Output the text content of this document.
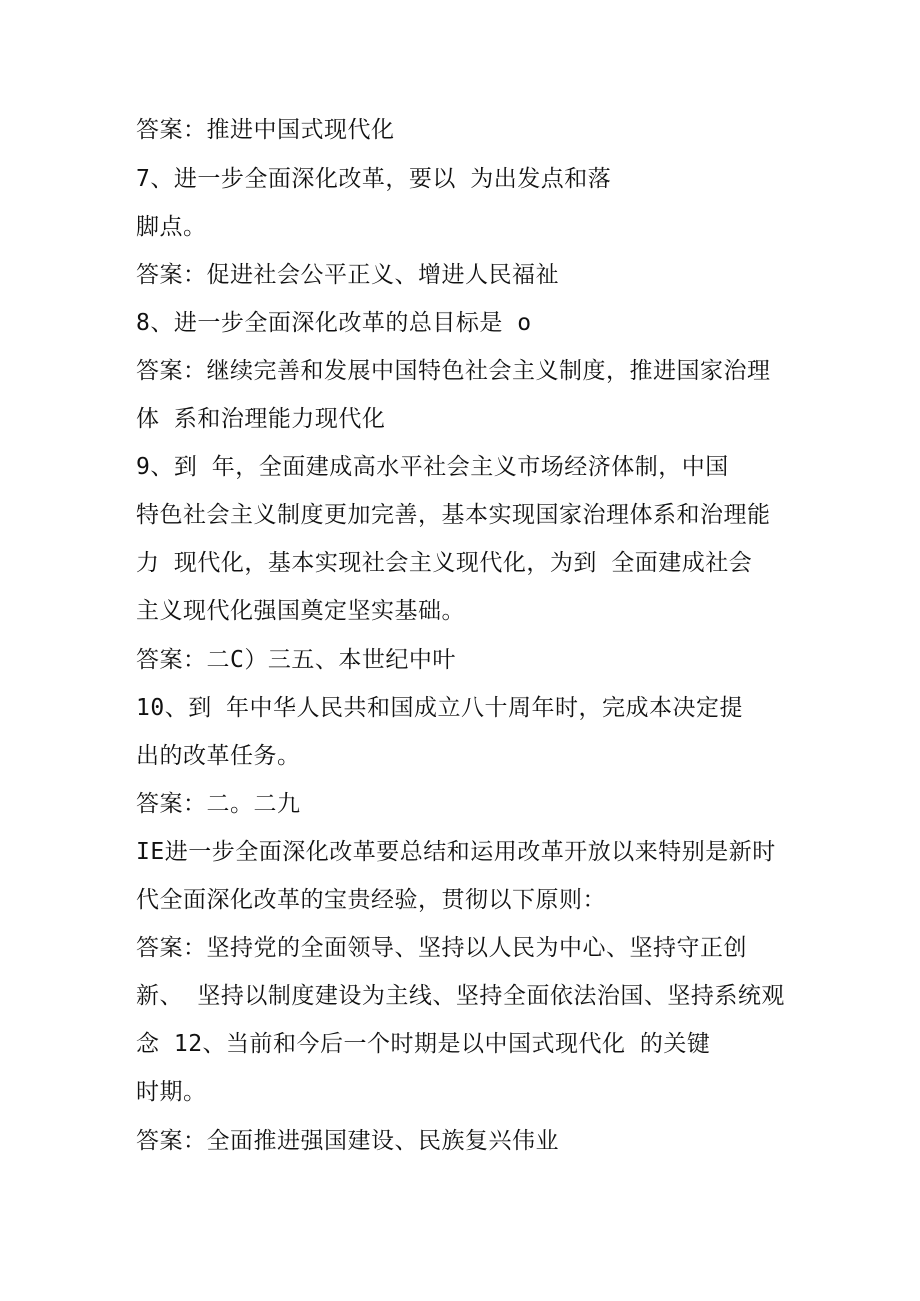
答案：推进中国式现代化
7、进一步全面深化改革，要以 为出发点和落
脚点。
答案：促进社会公平正义、增进人民福祉
8、进一步全面深化改革的总目标是 o
答案：继续完善和发展中国特色社会主义制度，推进国家治理
体 系和治理能力现代化
9、到 年，全面建成高水平社会主义市场经济体制，中国
特色社会主义制度更加完善，基本实现国家治理体系和治理能
力 现代化，基本实现社会主义现代化，为到 全面建成社会
主义现代化强国奠定坚实基础。
答案：二C）三五、本世纪中叶
10、到 年中华人民共和国成立八十周年时，完成本决定提
出的改革任务。
答案：二。二九
IE进一步全面深化改革要总结和运用改革开放以来特别是新时
代全面深化改革的宝贵经验，贯彻以下原则：
答案：坚持党的全面领导、坚持以人民为中心、坚持守正创
新、 坚持以制度建设为主线、坚持全面依法治国、坚持系统观
念 12、当前和今后一个时期是以中国式现代化 的关键
时期。
答案：全面推进强国建设、民族复兴伟业
